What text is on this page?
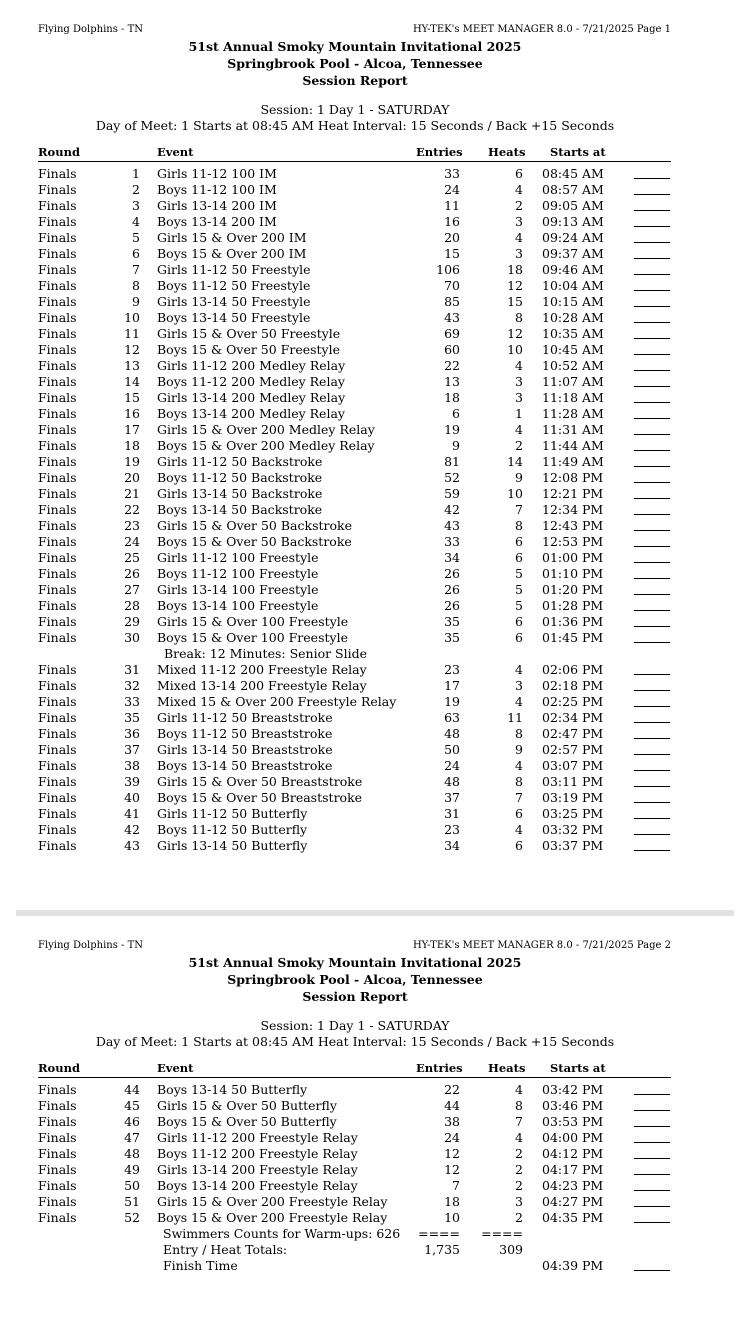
Flying Dolphins - TN	HY-TEK's MEET MANAGER 8.0 - 7/21/2025 Page 1
51st Annual Smoky Mountain Invitational 2025
Springbrook Pool - Alcoa, Tennessee
Session Report
Session: 1 Day 1 - SATURDAY
Day of Meet: 1 Starts at 08:45 AM Heat Interval: 15 Seconds / Back +15 Seconds
Round	Event	Entries Heats Starts at
Finals	1 Girls 11-12 100 IM	33	6 08:45 AM
Finals	2 Boys 11-12 100 IM	24	4 08:57 AM
Finals	3 Girls 13-14 200 IM	11	2 09:05 AM
Finals	4 Boys 13-14 200 IM	16	3 09:13 AM
Finals	5 Girls 15 & Over 200 IM	20	4 09:24 AM
Finals	6 Boys 15 & Over 200 IM	15	3 09:37 AM
Finals	7 Girls 11-12 50 Freestyle	106	18 09:46 AM
Finals	8 Boys 11-12 50 Freestyle	70	12 10:04 AM
Finals	9 Girls 13-14 50 Freestyle	85	15 10:15 AM
Finals	10 Boys 13-14 50 Freestyle	43	8 10:28 AM
Finals	11 Girls 15 & Over 50 Freestyle	69	12 10:35 AM
Finals	12 Boys 15 & Over 50 Freestyle	60	10 10:45 AM
Finals	13 Girls 11-12 200 Medley Relay	22	4 10:52 AM
Finals	14 Boys 11-12 200 Medley Relay	13	3 11:07 AM
Finals	15 Girls 13-14 200 Medley Relay	18	3 11:18 AM
Finals	16 Boys 13-14 200 Medley Relay	6	1 11:28 AM
Finals	17 Girls 15 & Over 200 Medley Relay	19	4 11:31 AM
Finals	18 Boys 15 & Over 200 Medley Relay	9	2 11:44 AM
Finals	19 Girls 11-12 50 Backstroke	81	14 11:49 AM
Finals	20 Boys 11-12 50 Backstroke	52	9 12:08 PM
Finals	21 Girls 13-14 50 Backstroke	59	10 12:21 PM
Finals	22 Boys 13-14 50 Backstroke	42	7 12:34 PM
Finals	23 Girls 15 & Over 50 Backstroke	43	8 12:43 PM
Finals	24 Boys 15 & Over 50 Backstroke	33	6 12:53 PM
Finals	25 Girls 11-12 100 Freestyle	34	6 01:00 PM
Finals	26 Boys 11-12 100 Freestyle	26	5 01:10 PM
Finals	27 Girls 13-14 100 Freestyle	26	5 01:20 PM
Finals	28 Boys 13-14 100 Freestyle	26	5 01:28 PM
Finals	29 Girls 15 & Over 100 Freestyle	35	6 01:36 PM
Finals	30 Boys 15 & Over 100 Freestyle	35	6 01:45 PM
Break: 12 Minutes: Senior Slide
Finals	31 Mixed 11-12 200 Freestyle Relay	23	4 02:06 PM
Finals	32 Mixed 13-14 200 Freestyle Relay	17	3 02:18 PM
Finals	33 Mixed 15 & Over 200 Freestyle Relay	19	4 02:25 PM
Finals	35 Girls 11-12 50 Breaststroke	63	11 02:34 PM
Finals	36 Boys 11-12 50 Breaststroke	48	8 02:47 PM
Finals	37 Girls 13-14 50 Breaststroke	50	9 02:57 PM
Finals	38 Boys 13-14 50 Breaststroke	24	4 03:07 PM
Finals	39 Girls 15 & Over 50 Breaststroke	48	8 03:11 PM
Finals	40 Boys 15 & Over 50 Breaststroke	37	7 03:19 PM
Finals	41 Girls 11-12 50 Butterfly	31	6 03:25 PM
Finals	42 Boys 11-12 50 Butterfly	23	4 03:32 PM
Finals	43 Girls 13-14 50 Butterfly	34	6 03:37 PM
Flying Dolphins - TN	HY-TEK's MEET MANAGER 8.0 - 7/21/2025 Page 2
51st Annual Smoky Mountain Invitational 2025
Springbrook Pool - Alcoa, Tennessee
Session Report
Session: 1 Day 1 - SATURDAY
Day of Meet: 1 Starts at 08:45 AM Heat Interval: 15 Seconds / Back +15 Seconds
Round	Event	Entries Heats Starts at
Finals	44 Boys 13-14 50 Butterfly	22	4 03:42 PM
Finals	45 Girls 15 & Over 50 Butterfly	44	8 03:46 PM
Finals	46 Boys 15 & Over 50 Butterfly	38	7 03:53 PM
Finals	47 Girls 11-12 200 Freestyle Relay	24	4 04:00 PM
Finals	48 Boys 11-12 200 Freestyle Relay	12	2 04:12 PM
Finals	49 Girls 13-14 200 Freestyle Relay	12	2 04:17 PM
Finals	50 Boys 13-14 200 Freestyle Relay	7	2 04:23 PM
Finals	51 Girls 15 & Over 200 Freestyle Relay	18	3 04:27 PM
Finals	52 Boys 15 & Over 200 Freestyle Relay	10	2 04:35 PM
Swimmers Counts for Warm-ups: 626 ==== ====
Entry / Heat Totals:	1,735	309
Finish Time	04:39 PM
